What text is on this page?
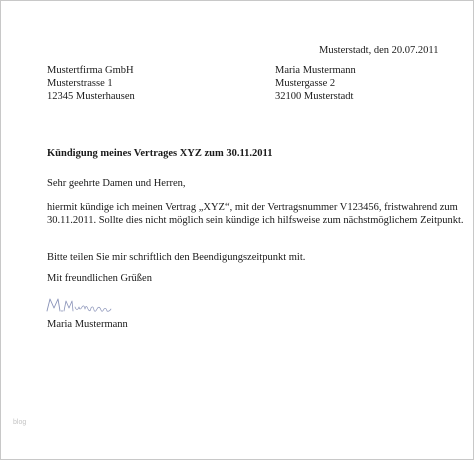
Musterstadt, den 20.07.2011
Mustertfirma GmbH
Musterstrasse 1
12345 Musterhausen
Maria Mustermann
Mustergasse 2
32100 Musterstadt
Kündigung meines Vertrages XYZ zum 30.11.2011
Sehr geehrte Damen und Herren,
hiermit kündige ich meinen Vertrag „XYZ“, mit der Vertragsnummer V123456, fristwahrend zum
30.11.2011. Sollte dies nicht möglich sein kündige ich hilfsweise zum nächstmöglichem Zeitpunkt.
Bitte teilen Sie mir schriftlich den Beendigungszeitpunkt mit.
Mit freundlichen Grüßen
Maria Mustermann
blog
